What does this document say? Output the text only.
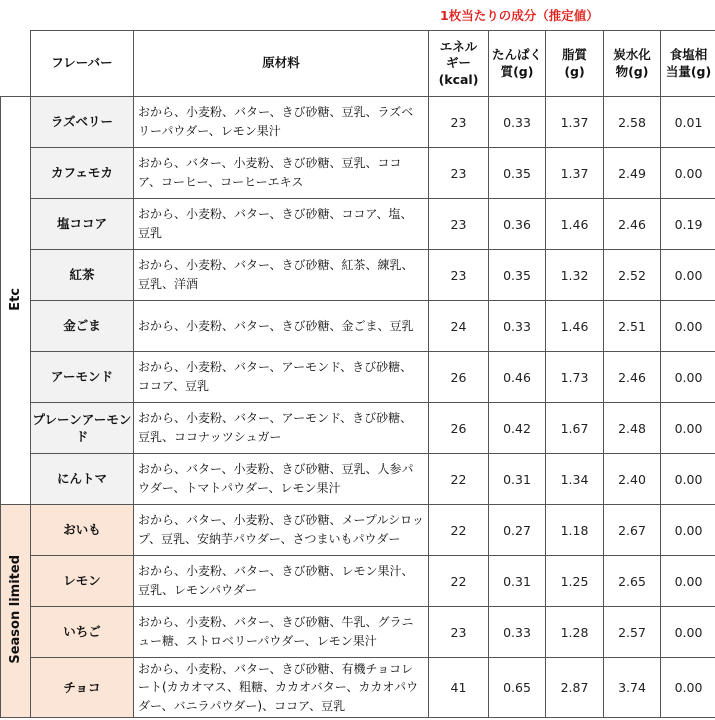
1枚当たりの成分（推定値）
	フレーバー	原材料	エネルギー(kcal)	たんぱく質(g)	脂質(g)	炭水化物(g)	食塩相当量(g)
Etc	ラズベリー	おから、小麦粉、バター、きび砂糖、豆乳、ラズベリーパウダー、レモン果汁	23	0.33	1.37	2.58	0.01
	カフェモカ	おから、バター、小麦粉、きび砂糖、豆乳、ココア、コーヒー、コーヒーエキス	23	0.35	1.37	2.49	0.00
	塩ココア	おから、小麦粉、バター、きび砂糖、ココア、塩、豆乳	23	0.36	1.46	2.46	0.19
	紅茶	おから、小麦粉、バター、きび砂糖、紅茶、練乳、豆乳、洋酒	23	0.35	1.32	2.52	0.00
	金ごま	おから、小麦粉、バター、きび砂糖、金ごま、豆乳	24	0.33	1.46	2.51	0.00
	アーモンド	おから、小麦粉、バター、アーモンド、きび砂糖、ココア、豆乳	26	0.46	1.73	2.46	0.00
	プレーンアーモンド	おから、小麦粉、バター、アーモンド、きび砂糖、豆乳、ココナッツシュガー	26	0.42	1.67	2.48	0.00
	にんトマ	おから、バター、小麦粉、きび砂糖、豆乳、人参パウダー、トマトパウダー、レモン果汁	22	0.31	1.34	2.40	0.00
Season limited	おいも	おから、バター、小麦粉、きび砂糖、メープルシロップ、豆乳、安納芋パウダー、さつまいもパウダー	22	0.27	1.18	2.67	0.00
	レモン	おから、小麦粉、バター、きび砂糖、レモン果汁、豆乳、レモンパウダー	22	0.31	1.25	2.65	0.00
	いちご	おから、小麦粉、バター、きび砂糖、牛乳、グラニュー糖、ストロベリーパウダー、レモン果汁	23	0.33	1.28	2.57	0.00
	チョコ	おから、小麦粉、バター、きび砂糖、有機チョコレート(カカオマス、粗糖、カカオバター、カカオパウダー、バニラパウダー)、ココア、豆乳	41	0.65	2.87	3.74	0.00
